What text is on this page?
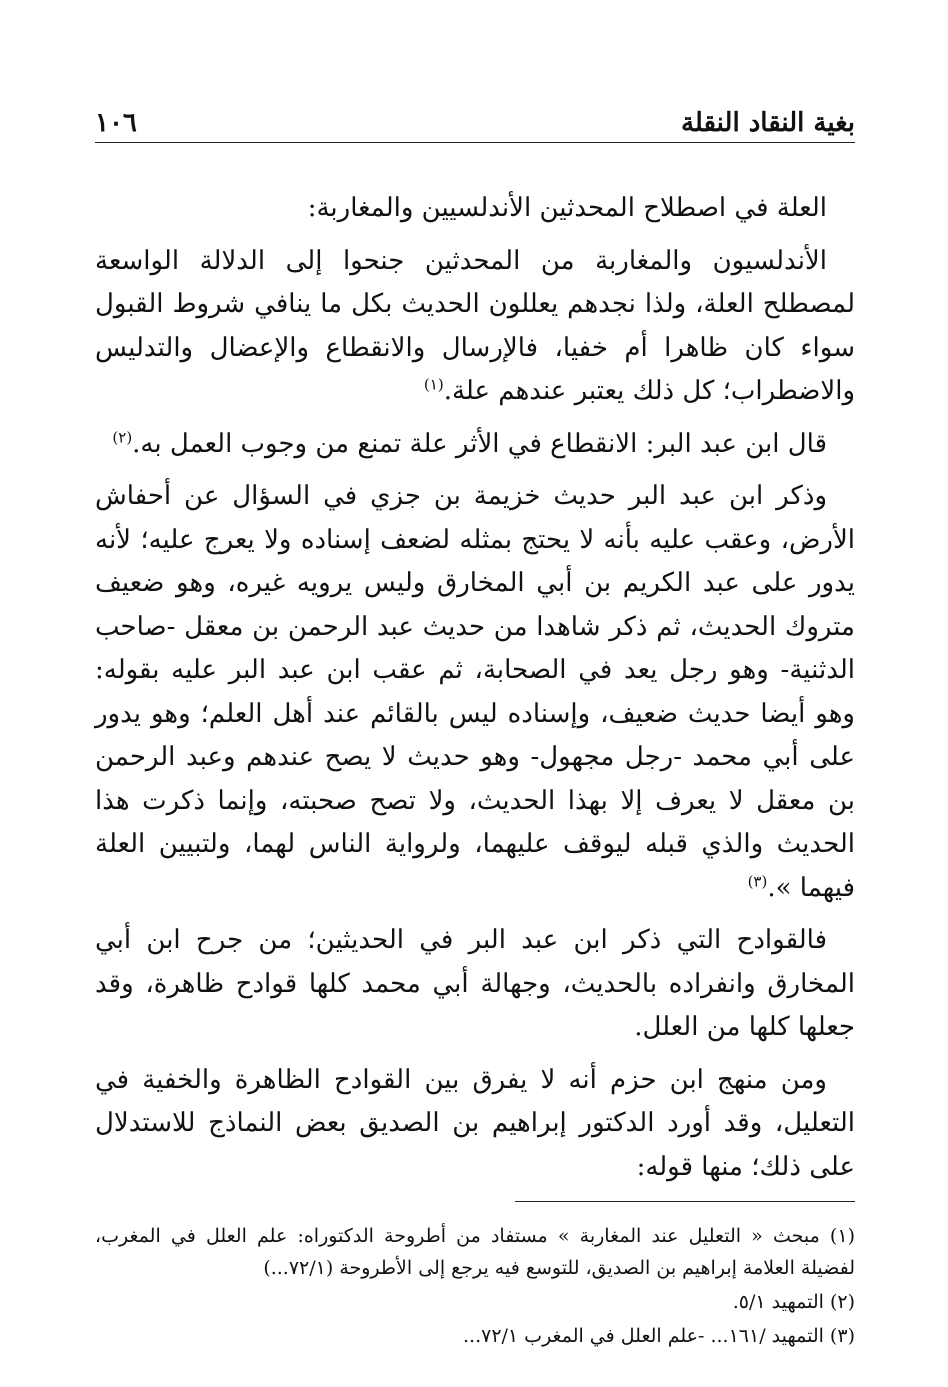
بغية النقاد النقلة
١٠٦

العلة في اصطلاح المحدثين الأندلسيين والمغاربة:

الأندلسيون والمغاربة من المحدثين جنحوا إلى الدلالة الواسعة لمصطلح العلة، ولذا نجدهم يعللون الحديث بكل ما ينافي شروط القبول سواء كان ظاهرا أم خفيا، فالإرسال والانقطاع والإعضال والتدليس والاضطراب؛ كل ذلك يعتبر عندهم علة.$^{(١)}$

قال ابن عبد البر: الانقطاع في الأثر علة تمنع من وجوب العمل به.$^{(٢)}$

وذكر ابن عبد البر حديث خزيمة بن جزي في السؤال عن أحفاش الأرض، وعقب عليه بأنه لا يحتج بمثله لضعف إسناده ولا يعرج عليه؛ لأنه يدور على عبد الكريم بن أبي المخارق وليس يرويه غيره، وهو ضعيف متروك الحديث، ثم ذكر شاهدا من حديث عبد الرحمن بن معقل -صاحب الدثنية- وهو رجل يعد في الصحابة، ثم عقب ابن عبد البر عليه بقوله: وهو أيضا حديث ضعيف، وإسناده ليس بالقائم عند أهل العلم؛ وهو يدور على أبي محمد -رجل مجهول- وهو حديث لا يصح عندهم وعبد الرحمن بن معقل لا يعرف إلا بهذا الحديث، ولا تصح صحبته، وإنما ذكرت هذا الحديث والذي قبله ليوقف عليهما، ولرواية الناس لهما، ولتبيين العلة فيهما ».$^{(٣)}$

فالقوادح التي ذكر ابن عبد البر في الحديثين؛ من جرح ابن أبي المخارق وانفراده بالحديث، وجهالة أبي محمد كلها قوادح ظاهرة، وقد جعلها كلها من العلل.

ومن منهج ابن حزم أنه لا يفرق بين القوادح الظاهرة والخفية في التعليل، وقد أورد الدكتور إبراهيم بن الصديق بعض النماذج للاستدلال على ذلك؛ منها قوله:

(١) مبحث « التعليل عند المغاربة » مستفاد من أطروحة الدكتوراه: علم العلل في المغرب، لفضيلة العلامة إبراهيم بن الصديق، للتوسع فيه يرجع إلى الأطروحة (٧٢/١...)

(٢) التمهيد ٥/١.

(٣) التمهيد /١٦١... -علم العلل في المغرب ٧٢/١...
